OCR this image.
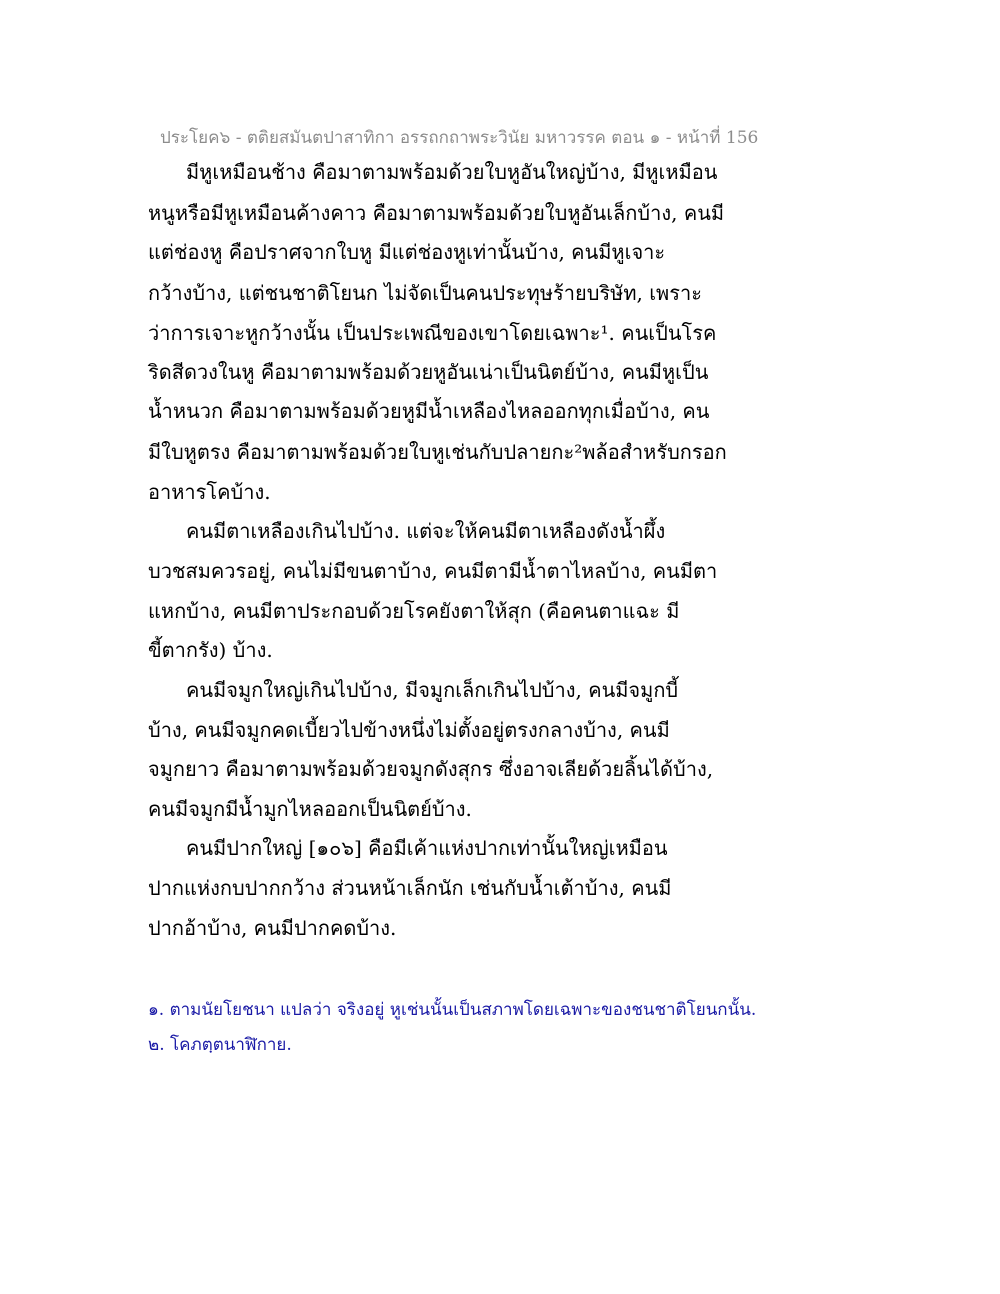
ประโยค๖ - ตติยสมันตปาสาทิกา อรรถกถาพระวินัย มหาวรรค ตอน ๑ - หน้าที่ 156
มีหูเหมือนช้าง คือมาตามพร้อมด้วยใบหูอันใหญ่บ้าง, มีหูเหมือน
หนูหรือมีหูเหมือนค้างคาว คือมาตามพร้อมด้วยใบหูอันเล็กบ้าง, คนมี
แต่ช่องหู คือปราศจากใบหู มีแต่ช่องหูเท่านั้นบ้าง, คนมีหูเจาะ
กว้างบ้าง, แต่ชนชาติโยนก ไม่จัดเป็นคนประทุษร้ายบริษัท, เพราะ
ว่าการเจาะหูกว้างนั้น เป็นประเพณีของเขาโดยเฉพาะ¹. คนเป็นโรค
ริดสีดวงในหู คือมาตามพร้อมด้วยหูอันเน่าเป็นนิตย์บ้าง, คนมีหูเป็น
น้ำหนวก คือมาตามพร้อมด้วยหูมีน้ำเหลืองไหลออกทุกเมื่อบ้าง, คน
มีใบหูตรง คือมาตามพร้อมด้วยใบหูเช่นกับปลายกะ²พล้อสำหรับกรอก
อาหารโคบ้าง.
คนมีตาเหลืองเกินไปบ้าง. แต่จะให้คนมีตาเหลืองดังน้ำผึ้ง
บวชสมควรอยู่, คนไม่มีขนตาบ้าง, คนมีตามีน้ำตาไหลบ้าง, คนมีตา
แหกบ้าง, คนมีตาประกอบด้วยโรคยังตาให้สุก (คือคนตาแฉะ มี
ขี้ตากรัง) บ้าง.
คนมีจมูกใหญ่เกินไปบ้าง, มีจมูกเล็กเกินไปบ้าง, คนมีจมูกบี้
บ้าง, คนมีจมูกคดเบี้ยวไปข้างหนึ่งไม่ตั้งอยู่ตรงกลางบ้าง, คนมี
จมูกยาว คือมาตามพร้อมด้วยจมูกดังสุกร ซึ่งอาจเลียด้วยลิ้นได้บ้าง,
คนมีจมูกมีน้ำมูกไหลออกเป็นนิตย์บ้าง.
คนมีปากใหญ่ [๑๐๖] คือมีเค้าแห่งปากเท่านั้นใหญ่เหมือน
ปากแห่งกบปากกว้าง ส่วนหน้าเล็กนัก เช่นกับน้ำเต้าบ้าง, คนมี
ปากอ้าบ้าง, คนมีปากคดบ้าง.
๑. ตามนัยโยชนา แปลว่า จริงอยู่ หูเช่นนั้นเป็นสภาพโดยเฉพาะของชนชาติโยนกนั้น.
๒. โคภตฺตนาฬิกาย.
